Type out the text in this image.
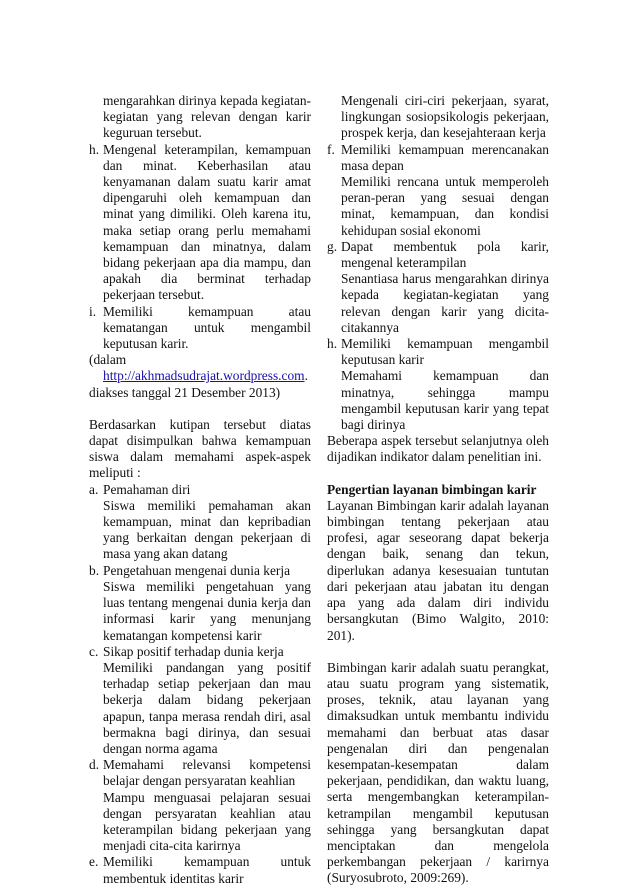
mengarahkan dirinya kepada kegiatan-kegiatan yang relevan dengan karir keguruan tersebut.

h. Mengenal keterampilan, kemampuan dan minat. Keberhasilan atau kenyamanan dalam suatu karir amat dipengaruhi oleh kemampuan dan minat yang dimiliki. Oleh karena itu, maka setiap orang perlu memahami kemampuan dan minatnya, dalam bidang pekerjaan apa dia mampu, dan apakah dia berminat terhadap pekerjaan tersebut.
i. Memiliki kemampuan atau kematangan untuk mengambil keputusan karir.

(dalam http://akhmadsudrajat.wordpress.com. diakses tanggal 21 Desember 2013)

Berdasarkan kutipan tersebut diatas dapat disimpulkan bahwa kemampuan siswa dalam memahami aspek-aspek meliputi :

a. Pemahaman diri
Siswa memiliki pemahaman akan kemampuan, minat dan kepribadian yang berkaitan dengan pekerjaan di masa yang akan datang
b. Pengetahuan mengenai dunia kerja
Siswa memiliki pengetahuan yang luas tentang mengenai dunia kerja dan informasi karir yang menunjang kematangan kompetensi karir
c. Sikap positif terhadap dunia kerja
Memiliki pandangan yang positif terhadap setiap pekerjaan dan mau bekerja dalam bidang pekerjaan apapun, tanpa merasa rendah diri, asal bermakna bagi dirinya, dan sesuai dengan norma agama
d. Memahami relevansi kompetensi belajar dengan persyaratan keahlian
Mampu menguasai pelajaran sesuai dengan persyaratan keahlian atau keterampilan bidang pekerjaan yang menjadi cita-cita karirnya
e. Memiliki kemampuan untuk membentuk identitas karir

Mengenali ciri-ciri pekerjaan, syarat, lingkungan sosiopsikologis pekerjaan, prospek kerja, dan kesejahteraan kerja

f. Memiliki kemampuan merencanakan masa depan
Memiliki rencana untuk memperoleh peran-peran yang sesuai dengan minat, kemampuan, dan kondisi kehidupan sosial ekonomi
g. Dapat membentuk pola karir, mengenal keterampilan
Senantiasa harus mengarahkan dirinya kepada kegiatan-kegiatan yang relevan dengan karir yang dicita-citakannya
h. Memiliki kemampuan mengambil keputusan karir
Memahami kemampuan dan minatnya, sehingga mampu mengambil keputusan karir yang tepat bagi dirinya

Beberapa aspek tersebut selanjutnya oleh dijadikan indikator dalam penelitian ini.

Pengertian layanan bimbingan karir

Layanan Bimbingan karir adalah layanan bimbingan tentang pekerjaan atau profesi, agar seseorang dapat bekerja dengan baik, senang dan tekun, diperlukan adanya kesesuaian tuntutan dari pekerjaan atau jabatan itu dengan apa yang ada dalam diri individu bersangkutan (Bimo Walgito, 2010: 201).

Bimbingan karir adalah suatu perangkat, atau suatu program yang sistematik, proses, teknik, atau layanan yang dimaksudkan untuk membantu individu memahami dan berbuat atas dasar pengenalan diri dan pengenalan kesempatan-kesempatan dalam pekerjaan, pendidikan, dan waktu luang, serta mengembangkan keterampilan-ketrampilan mengambil keputusan sehingga yang bersangkutan dapat menciptakan dan mengelola perkembangan pekerjaan / karirnya (Suryosubroto, 2009:269).
